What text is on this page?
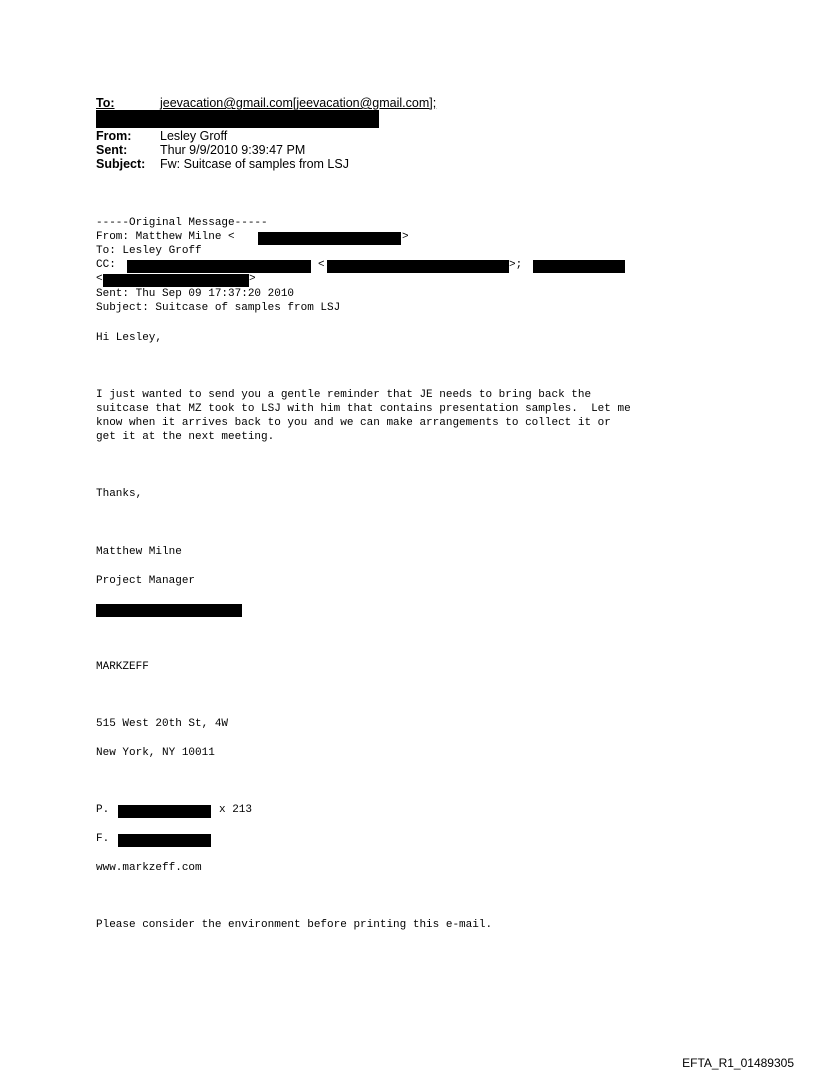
To:	jeevacation@gmail.com[jeevacation@gmail.com];
From: Lesley Groff
Sent:	Thur 9/9/2010 9:39:47 PM
Subject: Fw: Suitcase of samples from LSJ
-----Original Message-----
From: Matthew Milne <	>
To: Lesley Groff
CC:	<	>;
<	>
Sent: Thu Sep 09 17:37:20 2010
Subject: Suitcase of samples from LSJ
Hi Lesley,
I just wanted to send you a gentle reminder that JE needs to bring back the
suitcase that MZ took to LSJ with him that contains presentation samples.  Let me
know when it arrives back to you and we can make arrangements to collect it or
get it at the next meeting.
Thanks,
Matthew Milne
Project Manager
MARKZEFF
515 West 20th St, 4W
New York, NY 10011
P.	x 213
F.
www.markzeff.com
Please consider the environment before printing this e-mail.
EFTA_R1_01489305
